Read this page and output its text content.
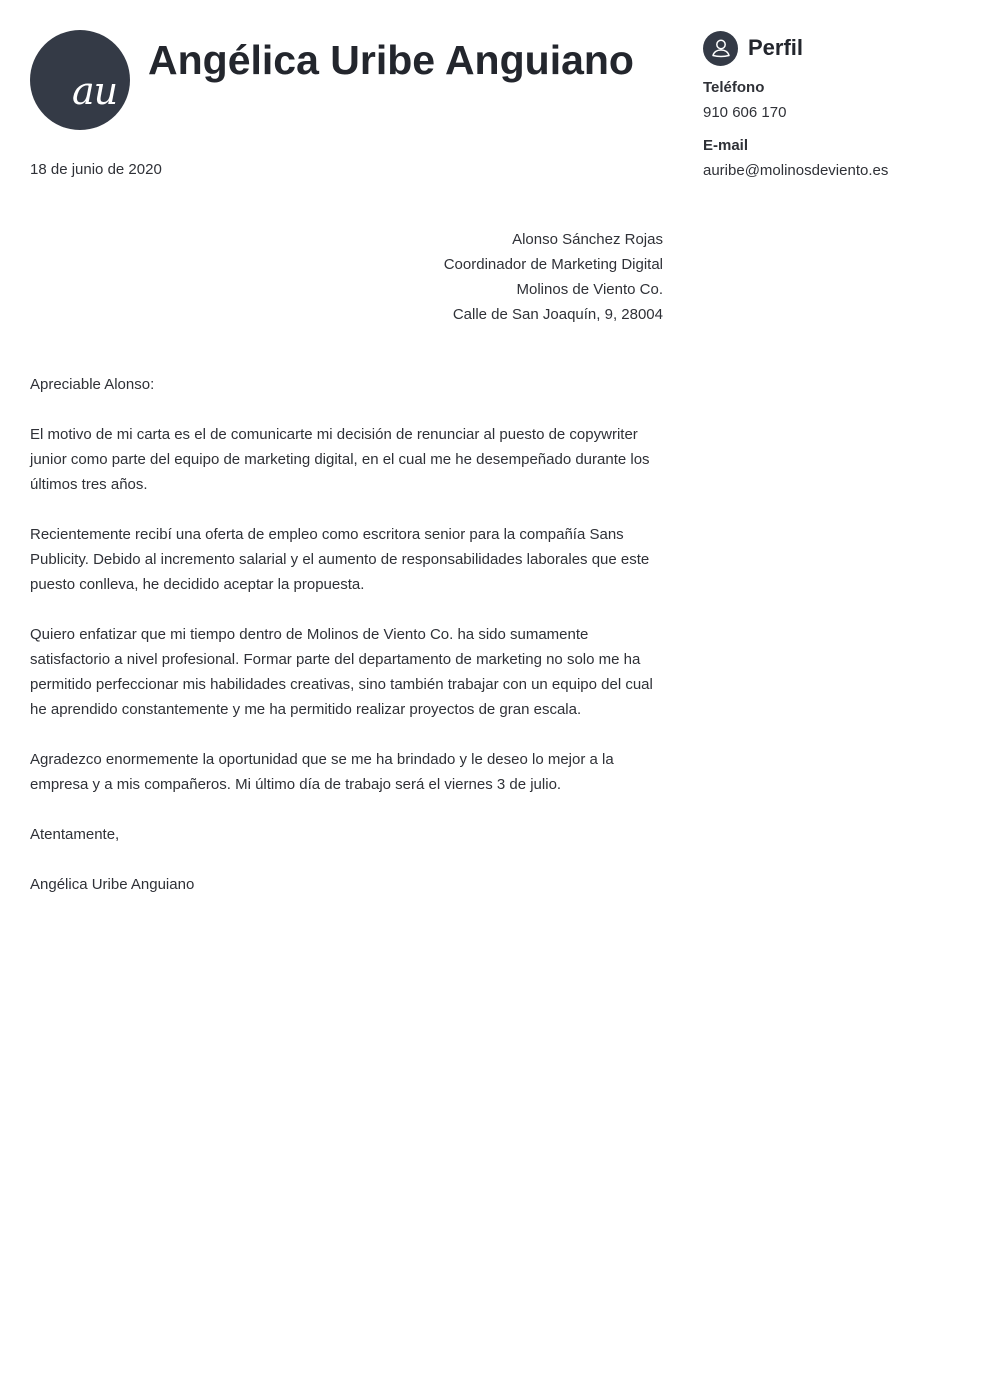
au
Angélica Uribe Anguiano
18 de junio de 2020
Alonso Sánchez Rojas
Coordinador de Marketing Digital
Molinos de Viento Co.
Calle de San Joaquín, 9, 28004

Apreciable Alonso:

El motivo de mi carta es el de comunicarte mi decisión de renunciar al puesto de copywriter junior como parte del equipo de marketing digital, en el cual me he desempeñado durante los últimos tres años.

Recientemente recibí una oferta de empleo como escritora senior para la compañía Sans Publicity. Debido al incremento salarial y el aumento de responsabilidades laborales que este puesto conlleva, he decidido aceptar la propuesta.

Quiero enfatizar que mi tiempo dentro de Molinos de Viento Co. ha sido sumamente satisfactorio a nivel profesional. Formar parte del departamento de marketing no solo me ha permitido perfeccionar mis habilidades creativas, sino también trabajar con un equipo del cual he aprendido constantemente y me ha permitido realizar proyectos de gran escala.

Agradezco enormemente la oportunidad que se me ha brindado y le deseo lo mejor a la empresa y a mis compañeros. Mi último día de trabajo será el viernes 3 de julio.

Atentamente,

Angélica Uribe Anguiano

Perfil
Teléfono
910 606 170
E-mail
auribe@molinosdeviento.es
